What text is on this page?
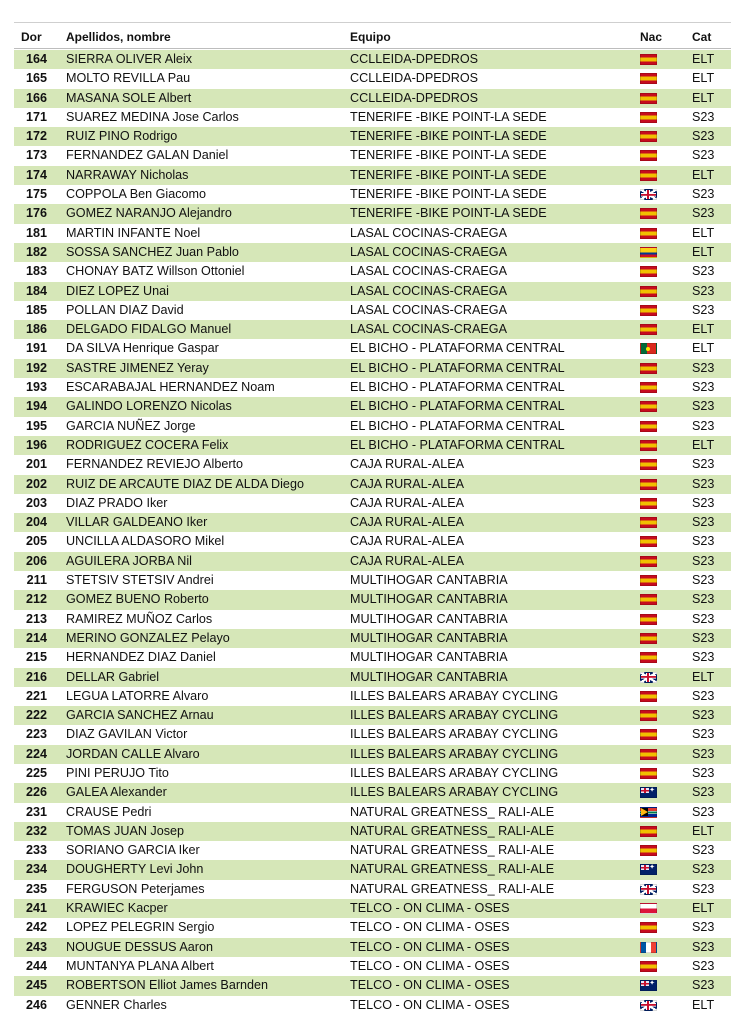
Dor Apellidos, nombre	Equipo	Nac Cat
164 SIERRA OLIVER Aleix	CCLLEIDA-DPEDROS	ELT
165 MOLTO REVILLA Pau	CCLLEIDA-DPEDROS	ELT
166 MASANA SOLE Albert	CCLLEIDA-DPEDROS	ELT
171 SUAREZ MEDINA Jose Carlos	TENERIFE -BIKE POINT-LA SEDE	S23
172 RUIZ PINO Rodrigo	TENERIFE -BIKE POINT-LA SEDE	S23
173 FERNANDEZ GALAN Daniel	TENERIFE -BIKE POINT-LA SEDE	S23
174 NARRAWAY Nicholas	TENERIFE -BIKE POINT-LA SEDE	ELT
175 COPPOLA Ben Giacomo	TENERIFE -BIKE POINT-LA SEDE	S23
176 GOMEZ NARANJO Alejandro	TENERIFE -BIKE POINT-LA SEDE	S23
181 MARTIN INFANTE Noel	LASAL COCINAS-CRAEGA	ELT
182 SOSSA SANCHEZ Juan Pablo	LASAL COCINAS-CRAEGA	ELT
183 CHONAY BATZ Willson Ottoniel	LASAL COCINAS-CRAEGA	S23
184 DIEZ LOPEZ Unai	LASAL COCINAS-CRAEGA	S23
185 POLLAN DIAZ David	LASAL COCINAS-CRAEGA	S23
186 DELGADO FIDALGO Manuel	LASAL COCINAS-CRAEGA	ELT
191 DA SILVA Henrique Gaspar	EL BICHO - PLATAFORMA CENTRAL	ELT
192 SASTRE JIMENEZ Yeray	EL BICHO - PLATAFORMA CENTRAL	S23
193 ESCARABAJAL HERNANDEZ Noam	EL BICHO - PLATAFORMA CENTRAL	S23
194 GALINDO LORENZO Nicolas	EL BICHO - PLATAFORMA CENTRAL	S23
195 GARCIA NUÑEZ Jorge	EL BICHO - PLATAFORMA CENTRAL	S23
196 RODRIGUEZ COCERA Felix	EL BICHO - PLATAFORMA CENTRAL	ELT
201 FERNANDEZ REVIEJO Alberto	CAJA RURAL-ALEA	S23
202 RUIZ DE ARCAUTE DIAZ DE ALDA Diego	CAJA RURAL-ALEA	S23
203 DIAZ PRADO Iker	CAJA RURAL-ALEA	S23
204 VILLAR GALDEANO Iker	CAJA RURAL-ALEA	S23
205 UNCILLA ALDASORO Mikel	CAJA RURAL-ALEA	S23
206 AGUILERA JORBA Nil	CAJA RURAL-ALEA	S23
211 STETSIV STETSIV Andrei	MULTIHOGAR CANTABRIA	S23
212 GOMEZ BUENO Roberto	MULTIHOGAR CANTABRIA	S23
213 RAMIREZ MUÑOZ Carlos	MULTIHOGAR CANTABRIA	S23
214 MERINO GONZALEZ Pelayo	MULTIHOGAR CANTABRIA	S23
215 HERNANDEZ DIAZ Daniel	MULTIHOGAR CANTABRIA	S23
216 DELLAR Gabriel	MULTIHOGAR CANTABRIA	ELT
221 LEGUA LATORRE Alvaro	ILLES BALEARS ARABAY CYCLING	S23
222 GARCIA SANCHEZ Arnau	ILLES BALEARS ARABAY CYCLING	S23
223 DIAZ GAVILAN Victor	ILLES BALEARS ARABAY CYCLING	S23
224 JORDAN CALLE Alvaro	ILLES BALEARS ARABAY CYCLING	S23
225 PINI PERUJO Tito	ILLES BALEARS ARABAY CYCLING	S23
226 GALEA Alexander	ILLES BALEARS ARABAY CYCLING ✦	S23
231 CRAUSE Pedri	NATURAL GREATNESS_ RALI-ALE	S23
232 TOMAS JUAN Josep	NATURAL GREATNESS_ RALI-ALE	ELT
233 SORIANO GARCIA Iker	NATURAL GREATNESS_ RALI-ALE	S23
234 DOUGHERTY Levi John	NATURAL GREATNESS_ RALI-ALE ✦	S23
235 FERGUSON Peterjames	NATURAL GREATNESS_ RALI-ALE	S23
241 KRAWIEC Kacper	TELCO - ON CLIMA - OSES	ELT
242 LOPEZ PELEGRIN Sergio	TELCO - ON CLIMA - OSES	S23
243 NOUGUE DESSUS Aaron	TELCO - ON CLIMA - OSES	S23
244 MUNTANYA PLANA Albert	TELCO - ON CLIMA - OSES	S23
245 ROBERTSON Elliot James Barnden	TELCO - ON CLIMA - OSES ✦	S23
246 GENNER Charles	TELCO - ON CLIMA - OSES	ELT
